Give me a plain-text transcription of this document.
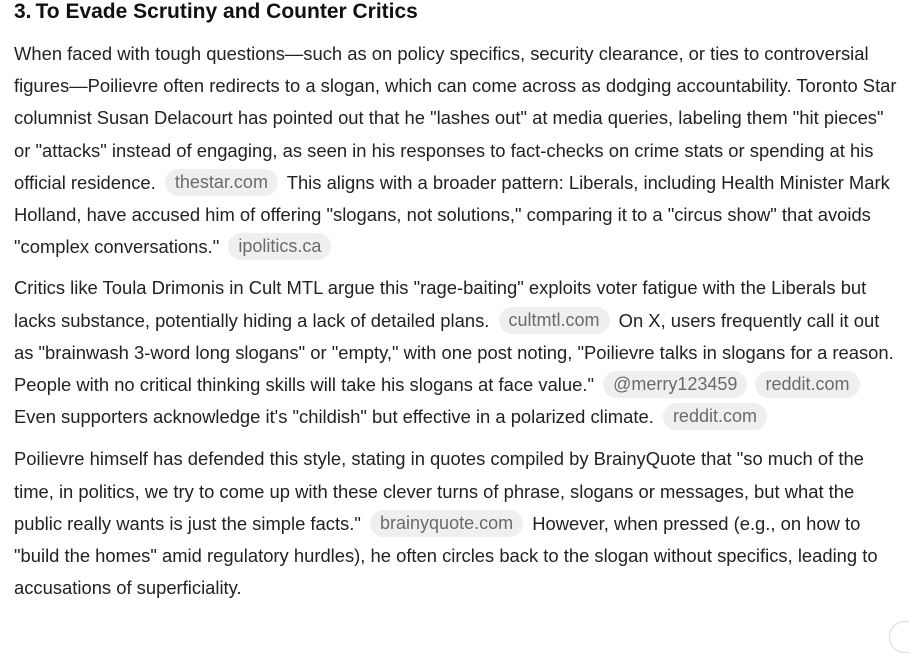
3. To Evade Scrutiny and Counter Critics

When faced with tough questions—such as on policy specifics, security clearance, or ties to controversial figures—Poilievre often redirects to a slogan, which can come across as dodging accountability. Toronto Star columnist Susan Delacourt has pointed out that he "lashes out" at media queries, labeling them "hit pieces" or "attacks" instead of engaging, as seen in his responses to fact-checks on crime stats or spending at his official residence. thestar.com This aligns with a broader pattern: Liberals, including Health Minister Mark Holland, have accused him of offering "slogans, not solutions," comparing it to a "circus show" that avoids "complex conversations." ipolitics.ca

Critics like Toula Drimonis in Cult MTL argue this "rage-baiting" exploits voter fatigue with the Liberals but lacks substance, potentially hiding a lack of detailed plans. cultmtl.com On X, users frequently call it out as "brainwash 3-word long slogans" or "empty," with one post noting, "Poilievre talks in slogans for a reason. People with no critical thinking skills will take his slogans at face value." @merry123459 reddit.com Even supporters acknowledge it's "childish" but effective in a polarized climate. reddit.com

Poilievre himself has defended this style, stating in quotes compiled by BrainyQuote that "so much of the time, in politics, we try to come up with these clever turns of phrase, slogans or messages, but what the public really wants is just the simple facts." brainyquote.com However, when pressed (e.g., on how to "build the homes" amid regulatory hurdles), he often circles back to the slogan without specifics, leading to accusations of superficiality.
